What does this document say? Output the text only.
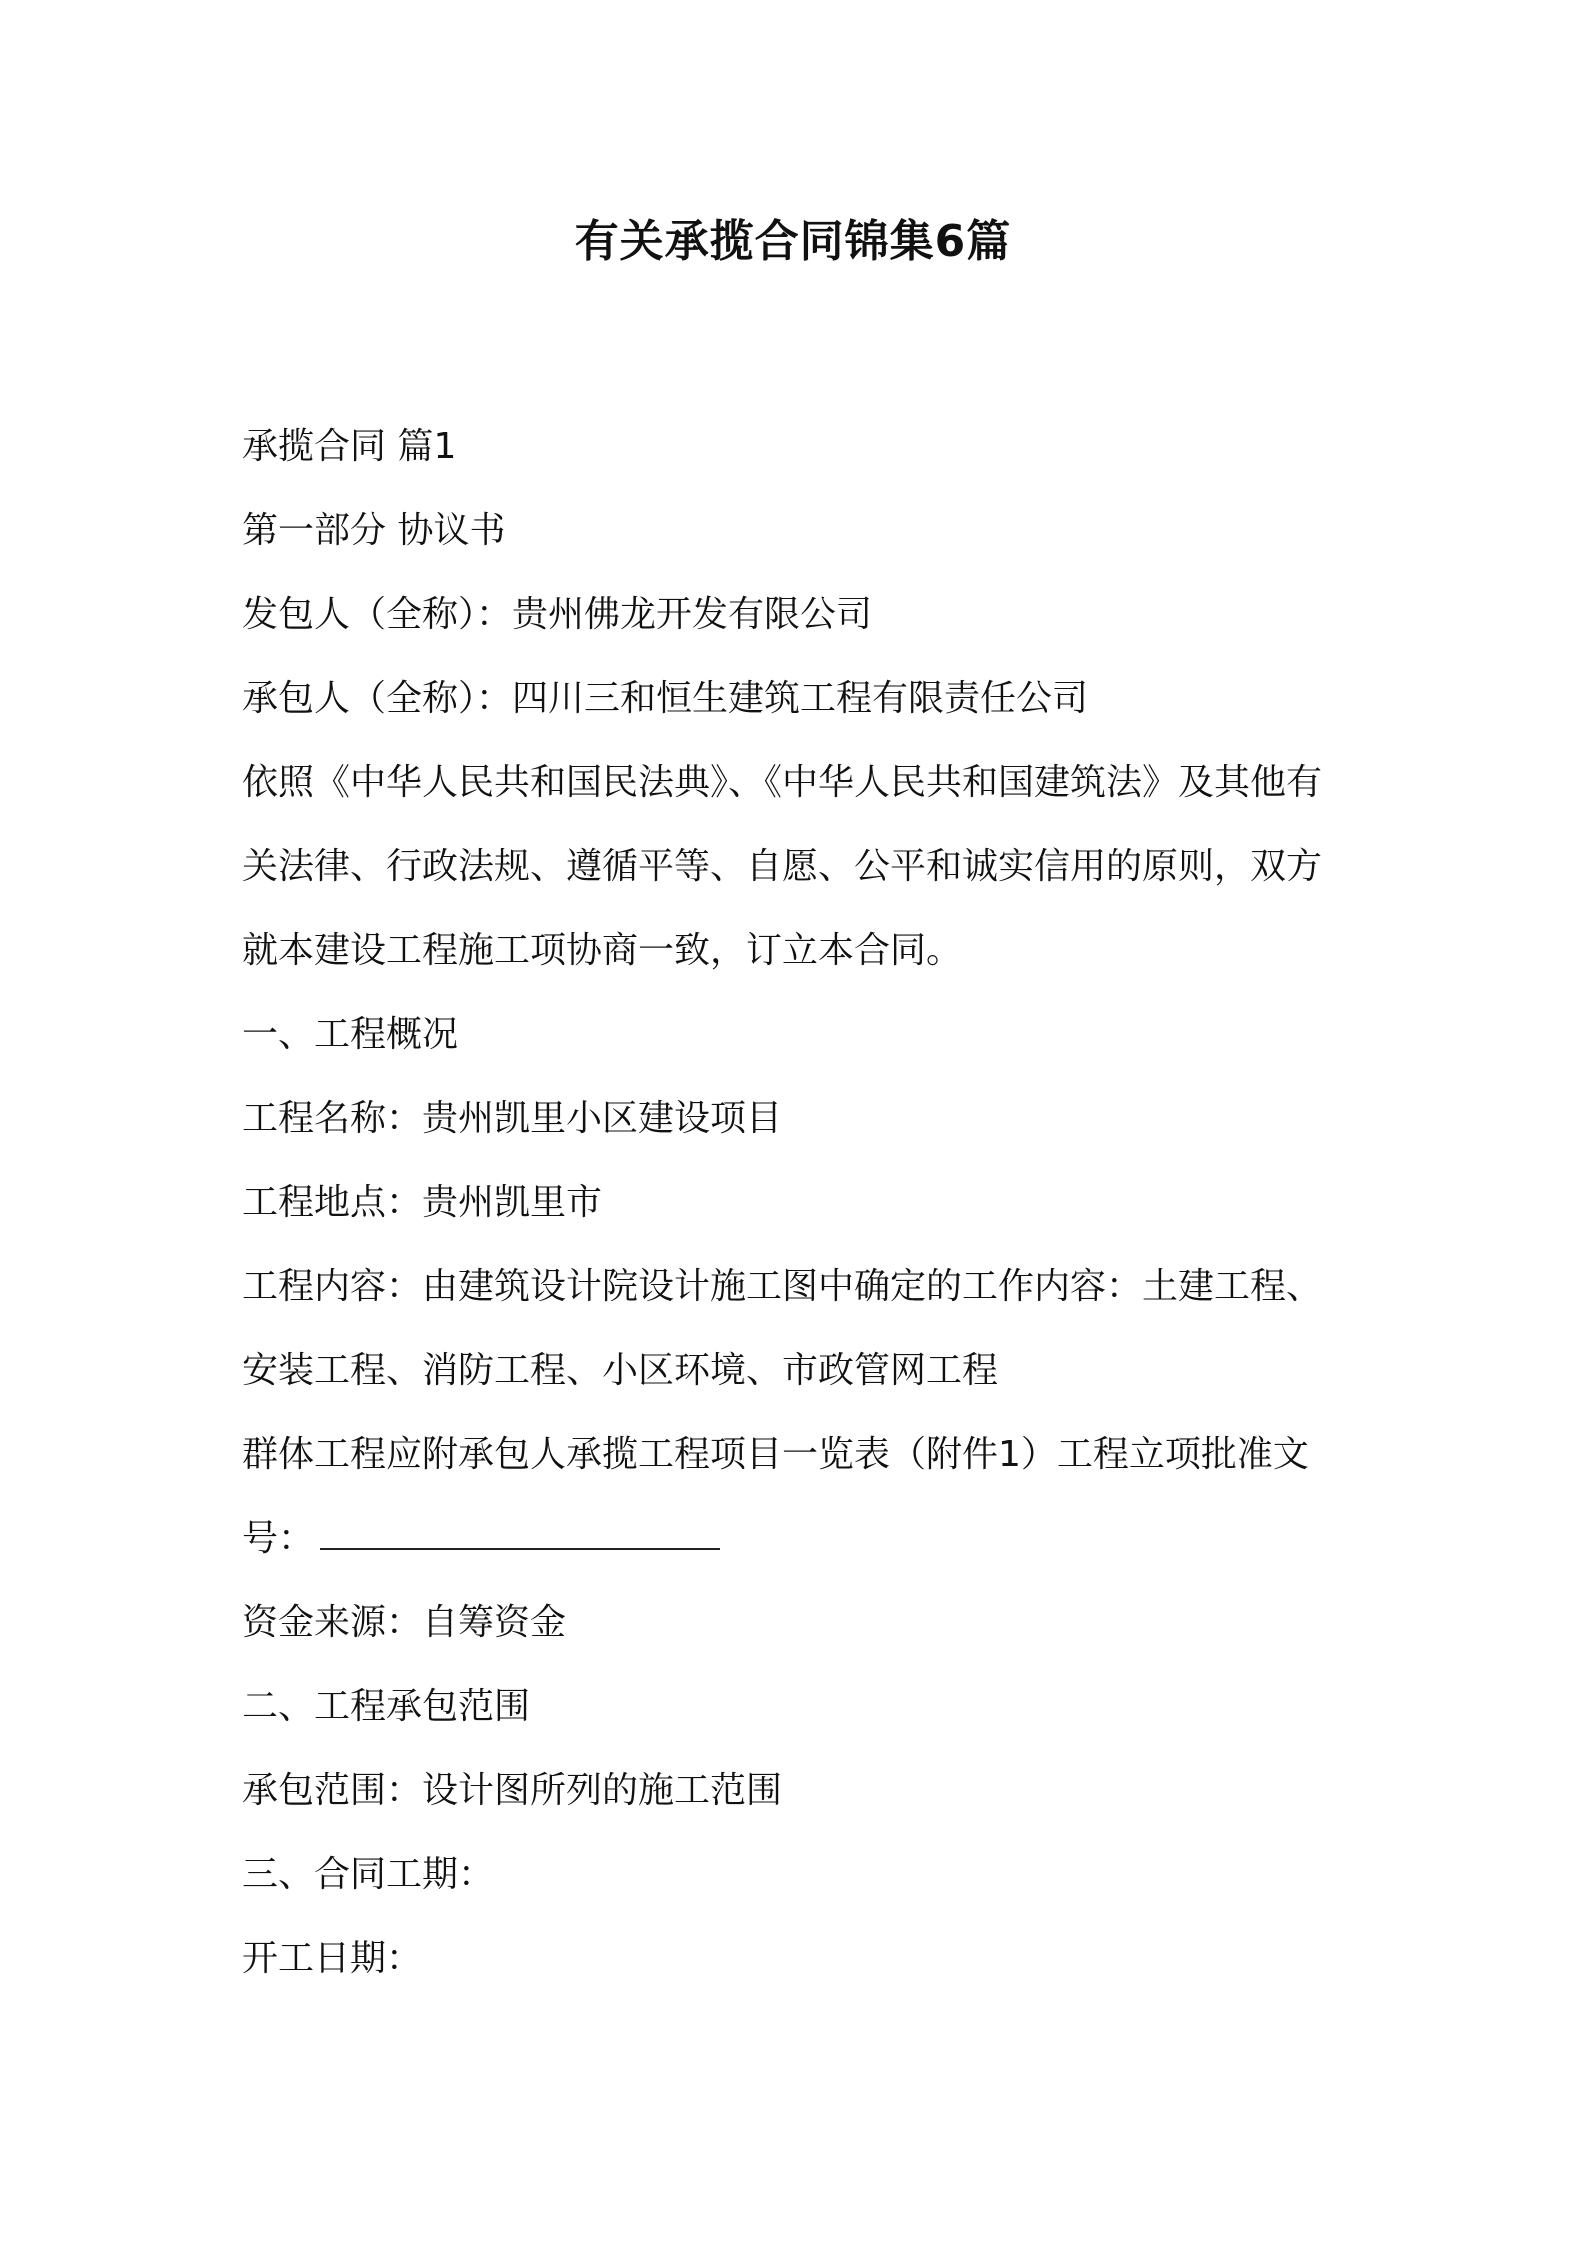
有关承揽合同锦集6篇
承揽合同 篇1
第一部分 协议书
发包人（全称）：贵州佛龙开发有限公司
承包人（全称）：四川三和恒生建筑工程有限责任公司
依照《中华人民共和国民法典》、《中华人民共和国建筑法》及其他有
关法律、行政法规、遵循平等、自愿、公平和诚实信用的原则，双方
就本建设工程施工项协商一致，订立本合同。
一、工程概况
工程名称：贵州凯里小区建设项目
工程地点：贵州凯里市
工程内容：由建筑设计院设计施工图中确定的工作内容：土建工程、
安装工程、消防工程、小区环境、市政管网工程
群体工程应附承包人承揽工程项目一览表（附件1）工程立项批准文
号：
资金来源：自筹资金
二、工程承包范围
承包范围：设计图所列的施工范围
三、合同工期：
开工日期：
